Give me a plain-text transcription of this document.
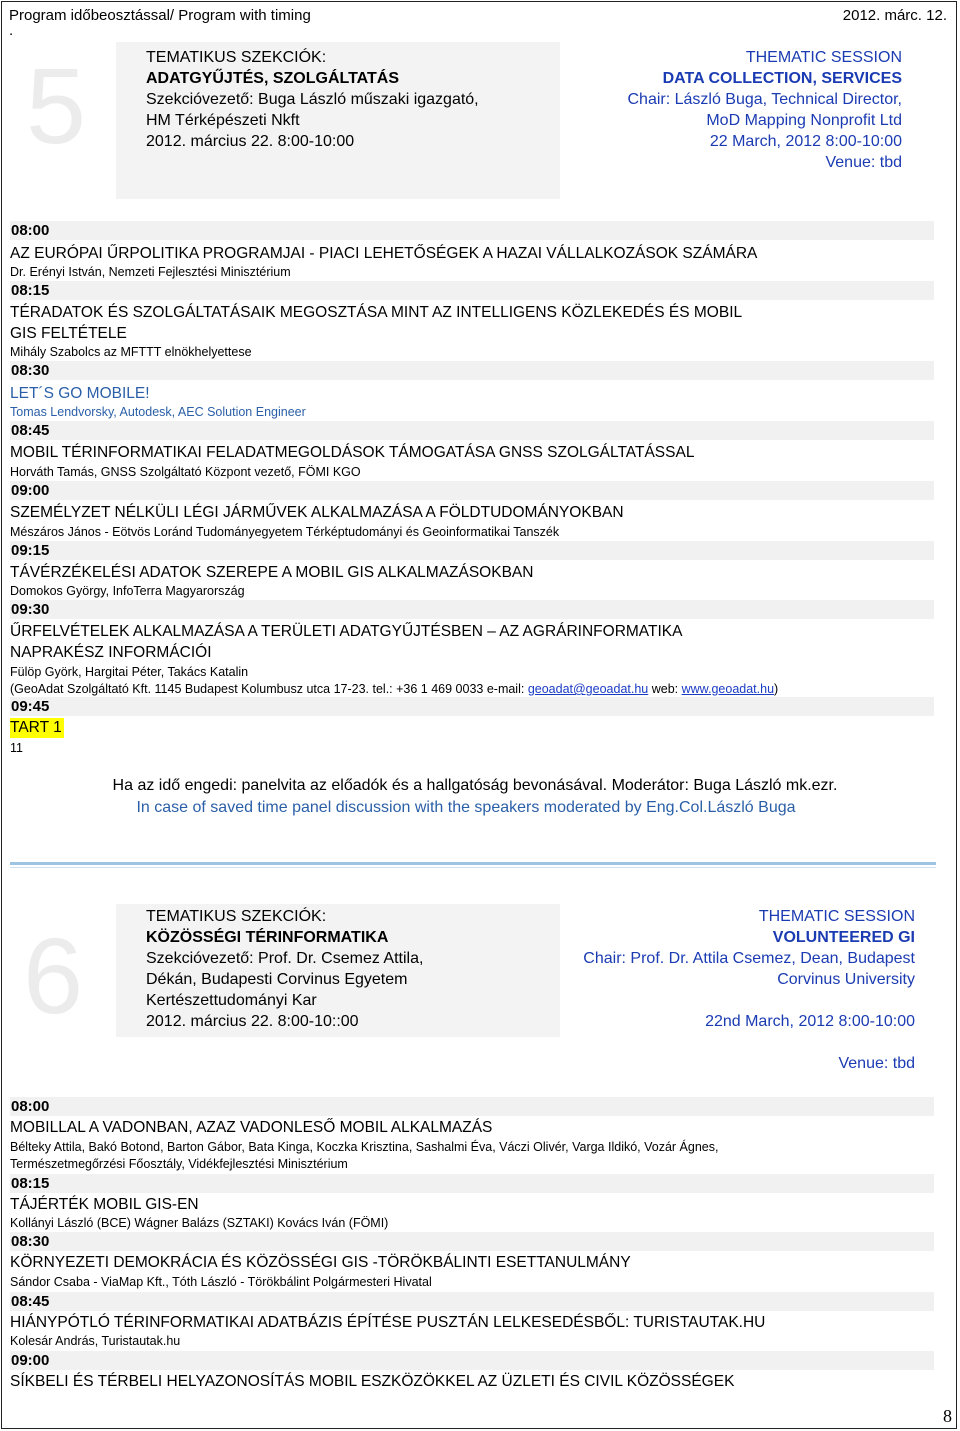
Program időbeosztással/ Program with timing	2012. márc. 12.
.
5	TEMATIKUS SZEKCIÓK:
ADATGYŰJTÉS, SZOLGÁLTATÁS
Szekcióvezető: Buga László műszaki igazgató,
HM Térképészeti Nkft
2012. március 22. 8:00-10:00
THEMATIC SESSION
DATA COLLECTION, SERVICES
Chair: László Buga, Technical Director,
MoD Mapping Nonprofit Ltd
22 March, 2012 8:00-10:00
Venue: tbd
08:00
AZ EURÓPAI ŰRPOLITIKA PROGRAMJAI - PIACI LEHETŐSÉGEK A HAZAI VÁLLALKOZÁSOK SZÁMÁRA
Dr. Erényi István, Nemzeti Fejlesztési Minisztérium
08:15
TÉRADATOK ÉS SZOLGÁLTATÁSAIK MEGOSZTÁSA MINT AZ INTELLIGENS KÖZLEKEDÉS ÉS MOBIL
GIS FELTÉTELE
Mihály Szabolcs az MFTTT elnökhelyettese
08:30
LET´S GO MOBILE!
Tomas Lendvorsky, Autodesk, AEC Solution Engineer
08:45
MOBIL TÉRINFORMATIKAI FELADATMEGOLDÁSOK TÁMOGATÁSA GNSS SZOLGÁLTATÁSSAL
Horváth Tamás, GNSS Szolgáltató Központ vezető, FÖMI KGO
09:00
SZEMÉLYZET NÉLKÜLI LÉGI JÁRMŰVEK ALKALMAZÁSA A FÖLDTUDOMÁNYOKBAN
Mészáros János - Eötvös Loránd Tudományegyetem Térképtudományi és Geoinformatikai Tanszék
09:15
TÁVÉRZÉKELÉSI ADATOK SZEREPE A MOBIL GIS ALKALMAZÁSOKBAN
Domokos György, InfoTerra Magyarország
09:30
ŰRFELVÉTELEK ALKALMAZÁSA A TERÜLETI ADATGYŰJTÉSBEN – AZ AGRÁRINFORMATIKA
NAPRAKÉSZ INFORMÁCIÓI
Fülöp Györk, Hargitai Péter, Takács Katalin
(GeoAdat Szolgáltató Kft. 1145 Budapest Kolumbusz utca 17-23. tel.: +36 1 469 0033 e-mail: geoadat@geoadat.hu web: www.geoadat.hu)
09:45
TART 1
11
Ha az idő engedi: panelvita az előadók és a hallgatóság bevonásával. Moderátor: Buga László mk.ezr.
In case of saved time panel discussion with the speakers moderated by Eng.Col.László Buga
6	TEMATIKUS SZEKCIÓK:
KÖZÖSSÉGI TÉRINFORMATIKA
Szekcióvezető: Prof. Dr. Csemez Attila,
Dékán, Budapesti Corvinus Egyetem
Kertészettudományi Kar
2012. március 22. 8:00-10::00
THEMATIC SESSION
VOLUNTEERED GI
Chair: Prof. Dr. Attila Csemez, Dean, Budapest
Corvinus University
22nd March, 2012 8:00-10:00
Venue: tbd
08:00
MOBILLAL A VADONBAN, AZAZ VADONLESŐ MOBIL ALKALMAZÁS
Bélteky Attila, Bakó Botond, Barton Gábor, Bata Kinga, Koczka Krisztina, Sashalmi Éva, Váczi Olivér, Varga Ildikó, Vozár Ágnes,
Természetmegőrzési Főosztály, Vidékfejlesztési Minisztérium
08:15
TÁJÉRTÉK MOBIL GIS-EN
Kollányi László (BCE) Wágner Balázs (SZTAKI) Kovács Iván (FÖMI)
08:30
KÖRNYEZETI DEMOKRÁCIA ÉS KÖZÖSSÉGI GIS -TÖRÖKBÁLINTI ESETTANULMÁNY
Sándor Csaba - ViaMap Kft., Tóth László - Törökbálint Polgármesteri Hivatal
08:45
HIÁNYPÓTLÓ TÉRINFORMATIKAI ADATBÁZIS ÉPÍTÉSE PUSZTÁN LELKESEDÉSBŐL: TURISTAUTAK.HU
Kolesár András, Turistautak.hu
09:00
SÍKBELI ÉS TÉRBELI HELYAZONOSÍTÁS MOBIL ESZKÖZÖKKEL AZ ÜZLETI ÉS CIVIL KÖZÖSSÉGEK
8
